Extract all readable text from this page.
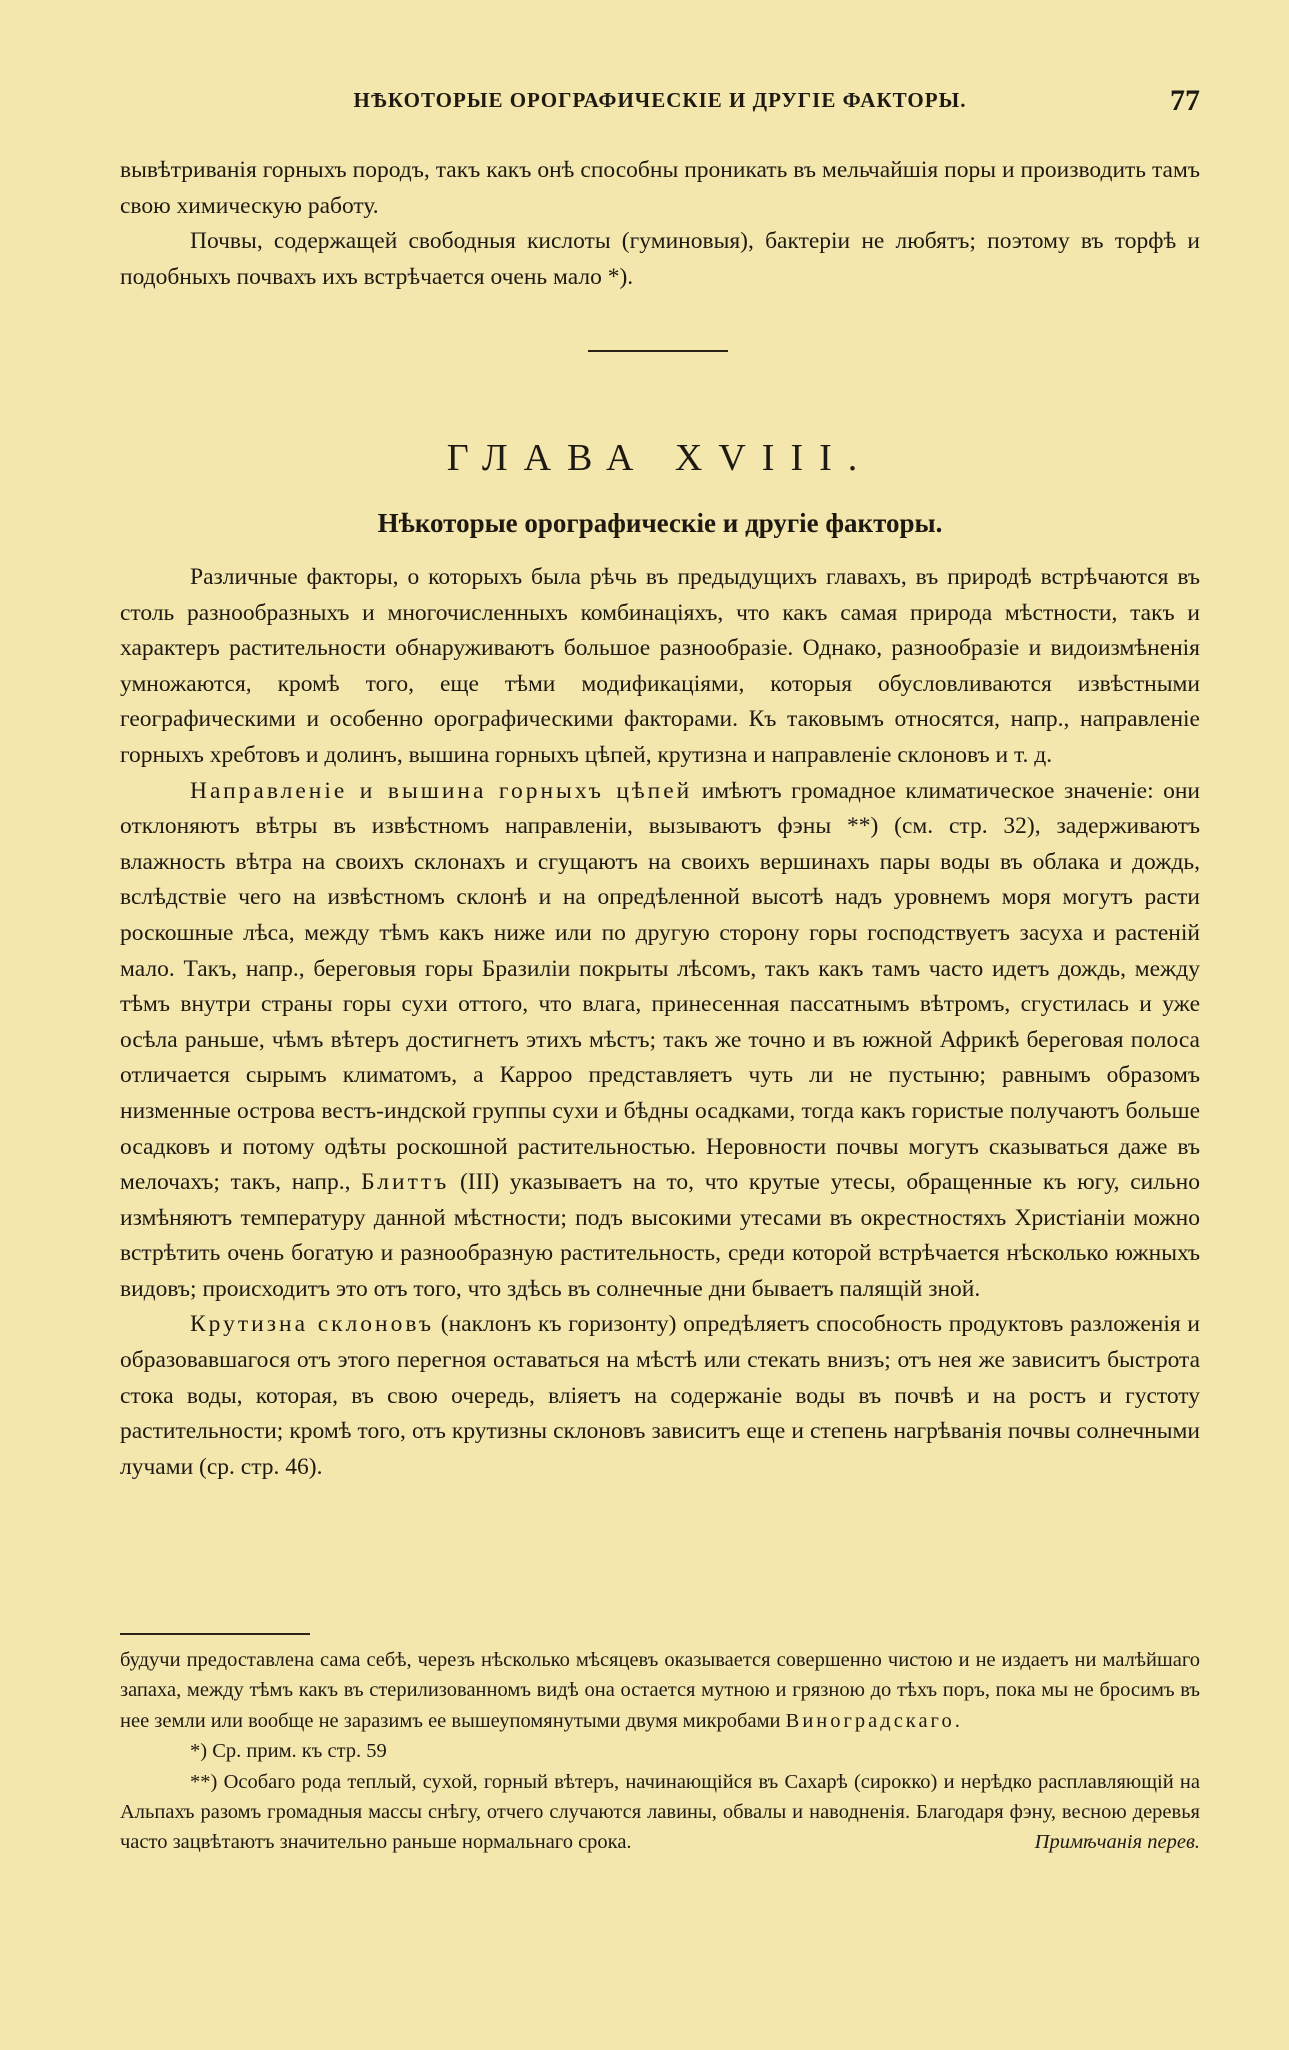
НѢКОТОРЫЕ ОРОГРАФИЧЕСКІЕ И ДРУГІЕ ФАКТОРЫ.	77

вывѣтриванія горныхъ породъ, такъ какъ онѣ способны проникать въ мельчайшія поры и производить тамъ свою химическую работу.

Почвы, содержащей свободныя кислоты (гуминовыя), бактеріи не любятъ; поэтому въ торфѣ и подобныхъ почвахъ ихъ встрѣчается очень мало *).

ГЛАВА XVIII.
Нѣкоторые орографическіе и другіе факторы.

Различные факторы, о которыхъ была рѣчь въ предыдущихъ главахъ, въ природѣ встрѣчаются въ столь разнообразныхъ и многочисленныхъ комбинаціяхъ, что какъ самая природа мѣстности, такъ и характеръ растительности обнаруживаютъ большое разнообразіе. Однако, разнообразіе и видоизмѣненія умножаются, кромѣ того, еще тѣми модификаціями, которыя обусловливаются извѣстными географическими и особенно орографическими факторами. Къ таковымъ относятся, напр., направленіе горныхъ хребтовъ и долинъ, вышина горныхъ цѣпей, крутизна и направленіе склоновъ и т. д.

Направленіе и вышина горныхъ цѣпей имѣютъ громадное климатическое значеніе: они отклоняютъ вѣтры въ извѣстномъ направленіи, вызываютъ фэны **) (см. стр. 32), задерживаютъ влажность вѣтра на своихъ склонахъ и сгущаютъ на своихъ вершинахъ пары воды въ облака и дождь, вслѣдствіе чего на извѣстномъ склонѣ и на опредѣленной высотѣ надъ уровнемъ моря могутъ расти роскошные лѣса, между тѣмъ какъ ниже или по другую сторону горы господствуетъ засуха и растеній мало. Такъ, напр., береговыя горы Бразиліи покрыты лѣсомъ, такъ какъ тамъ часто идетъ дождь, между тѣмъ внутри страны горы сухи оттого, что влага, принесенная пассатнымъ вѣтромъ, сгустилась и уже осѣла раньше, чѣмъ вѣтеръ достигнетъ этихъ мѣстъ; такъ же точно и въ южной Африкѣ береговая полоса отличается сырымъ климатомъ, а Карроо представляетъ чуть ли не пустыню; равнымъ образомъ низменные острова вестъ-индской группы сухи и бѣдны осадками, тогда какъ гористые получаютъ больше осадковъ и потому одѣты роскошной растительностью. Неровности почвы могутъ сказываться даже въ мелочахъ; такъ, напр., Блиттъ (III) указываетъ на то, что крутые утесы, обращенные къ югу, сильно измѣняютъ температуру данной мѣстности; подъ высокими утесами въ окрестностяхъ Христіаніи можно встрѣтить очень богатую и разнообразную растительность, среди которой встрѣчается нѣсколько южныхъ видовъ; происходитъ это отъ того, что здѣсь въ солнечные дни бываетъ палящій зной.

Крутизна склоновъ (наклонъ къ горизонту) опредѣляетъ способность продуктовъ разложенія и образовавшагося отъ этого перегноя оставаться на мѣстѣ или стекать внизъ; отъ нея же зависитъ быстрота стока воды, которая, въ свою очередь, вліяетъ на содержаніе воды въ почвѣ и на ростъ и густоту растительности; кромѣ того, отъ крутизны склоновъ зависитъ еще и степень нагрѣванія почвы солнечными лучами (ср. стр. 46).

будучи предоставлена сама себѣ, черезъ нѣсколько мѣсяцевъ оказывается совершенно чистою и не издаетъ ни малѣйшаго запаха, между тѣмъ какъ въ стерилизованномъ видѣ она остается мутною и грязною до тѣхъ поръ, пока мы не бросимъ въ нее земли или вообще не заразимъ ее вышеупомянутыми двумя микробами Виноградскаго.

*) Ср. прим. къ стр. 59

**) Особаго рода теплый, сухой, горный вѣтеръ, начинающійся въ Сахарѣ (сирокко) и нерѣдко расплавляющій на Альпахъ разомъ громадныя массы снѣгу, отчего случаются лавины, обвалы и наводненія. Благодаря фэну, весною деревья часто зацвѣтаютъ значительно раньше нормальнаго срока.	Примѣчанія перев.
